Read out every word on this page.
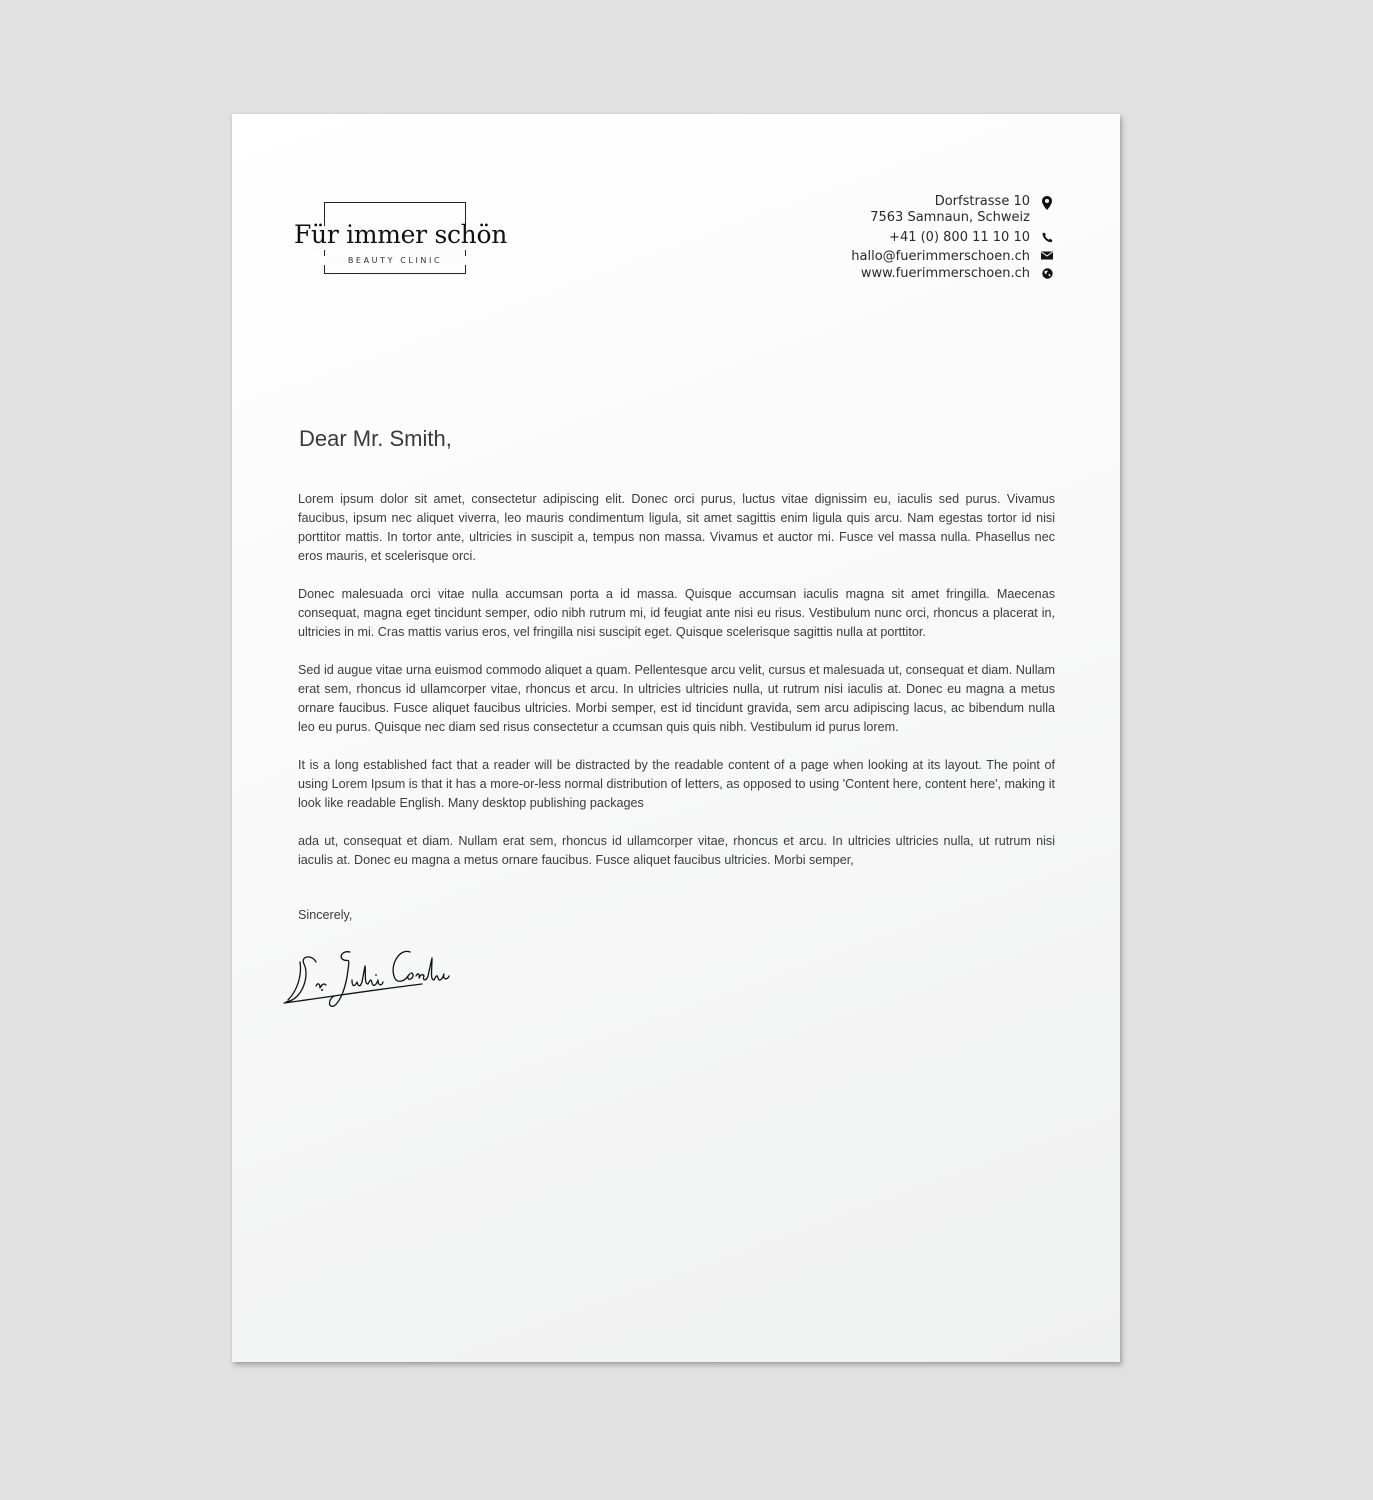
Für immer schön
BEAUTY CLINIC
Dorfstrasse 10
7563 Samnaun, Schweiz
+41 (0) 800 11 10 10
hallo@fuerimmerschoen.ch
www.fuerimmerschoen.ch
Dear Mr. Smith,

Lorem ipsum dolor sit amet, consectetur adipiscing elit. Donec orci purus, luctus vitae dignissim eu, iaculis sed purus. Vivamus faucibus, ipsum nec aliquet viverra, leo mauris condimentum ligula, sit amet sagittis enim ligula quis arcu. Nam egestas tortor id nisi porttitor mattis. In tortor ante, ultricies in suscipit a, tempus non massa. Vivamus et auctor mi. Fusce vel massa nulla. Phasellus nec eros mauris, et scelerisque orci.

Donec malesuada orci vitae nulla accumsan porta a id massa. Quisque accumsan iaculis magna sit amet fringilla. Maecenas consequat, magna eget tincidunt semper, odio nibh rutrum mi, id feugiat ante nisi eu risus. Vestibulum nunc orci, rhoncus a placerat in, ultricies in mi. Cras mattis varius eros, vel fringilla nisi suscipit eget. Quisque scelerisque sagittis nulla at porttitor.

Sed id augue vitae urna euismod commodo aliquet a quam. Pellentesque arcu velit, cursus et malesuada ut, consequat et diam. Nullam erat sem, rhoncus id ullamcorper vitae, rhoncus et arcu. In ultricies ultricies nulla, ut rutrum nisi iaculis at. Donec eu magna a metus ornare faucibus. Fusce aliquet faucibus ultricies. Morbi semper, est id tincidunt gravida, sem arcu adipiscing lacus, ac bibendum nulla leo eu purus. Quisque nec diam sed risus consectetur a ccumsan quis quis nibh. Vestibulum id purus lorem.

It is a long established fact that a reader will be distracted by the readable content of a page when looking at its layout. The point of using Lorem Ipsum is that it has a more-or-less normal distribution of letters, as opposed to using 'Content here, content here', making it look like readable English. Many desktop publishing packages

ada ut, consequat et diam. Nullam erat sem, rhoncus id ullamcorper vitae, rhoncus et arcu. In ultricies ultricies nulla, ut rutrum nisi iaculis at. Donec eu magna a metus ornare faucibus. Fusce aliquet faucibus ultricies. Morbi semper,

Sincerely,
